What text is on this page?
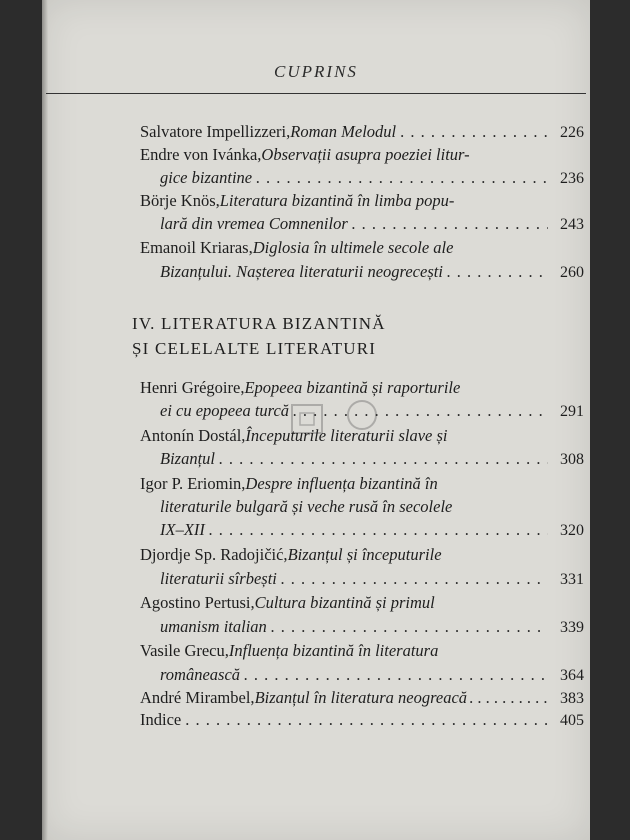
CUPRINS
Salvatore Impellizzeri, Roman Melodul . . .	226
Endre von Ivánka, Observații asupra poeziei litur-
gice bizantine . . .	236
Börje Knös, Literatura bizantină în limba popu-
lară din vremea Comnenilor . . .	243
Emanoil Kriaras, Diglosia în ultimele secole ale
Bizanțului. Nașterea literaturii neogrecești . . .	260
IV. LITERATURA BIZANTINĂ
ȘI CELELALTE LITERATURI
Henri Grégoire, Epopeea bizantină și raporturile
ei cu epopeea turcă . . .	291
Antonín Dostál, Începuturile literaturii slave și
Bizanțul . . .	308
Igor P. Eriomin, Despre influența bizantină în
literaturile bulgară și veche rusă în secolele
IX–XII . . .	320
Djordje Sp. Radojičić, Bizanțul și începuturile
literaturii sîrbești . . .	331
Agostino Pertusi, Cultura bizantină și primul
umanism italian . . .	339
Vasile Grecu, Influența bizantină în literatura
românească . . .	364
André Mirambel, Bizanțul în literatura neogreacă . . .	383
Indice . . .	405
